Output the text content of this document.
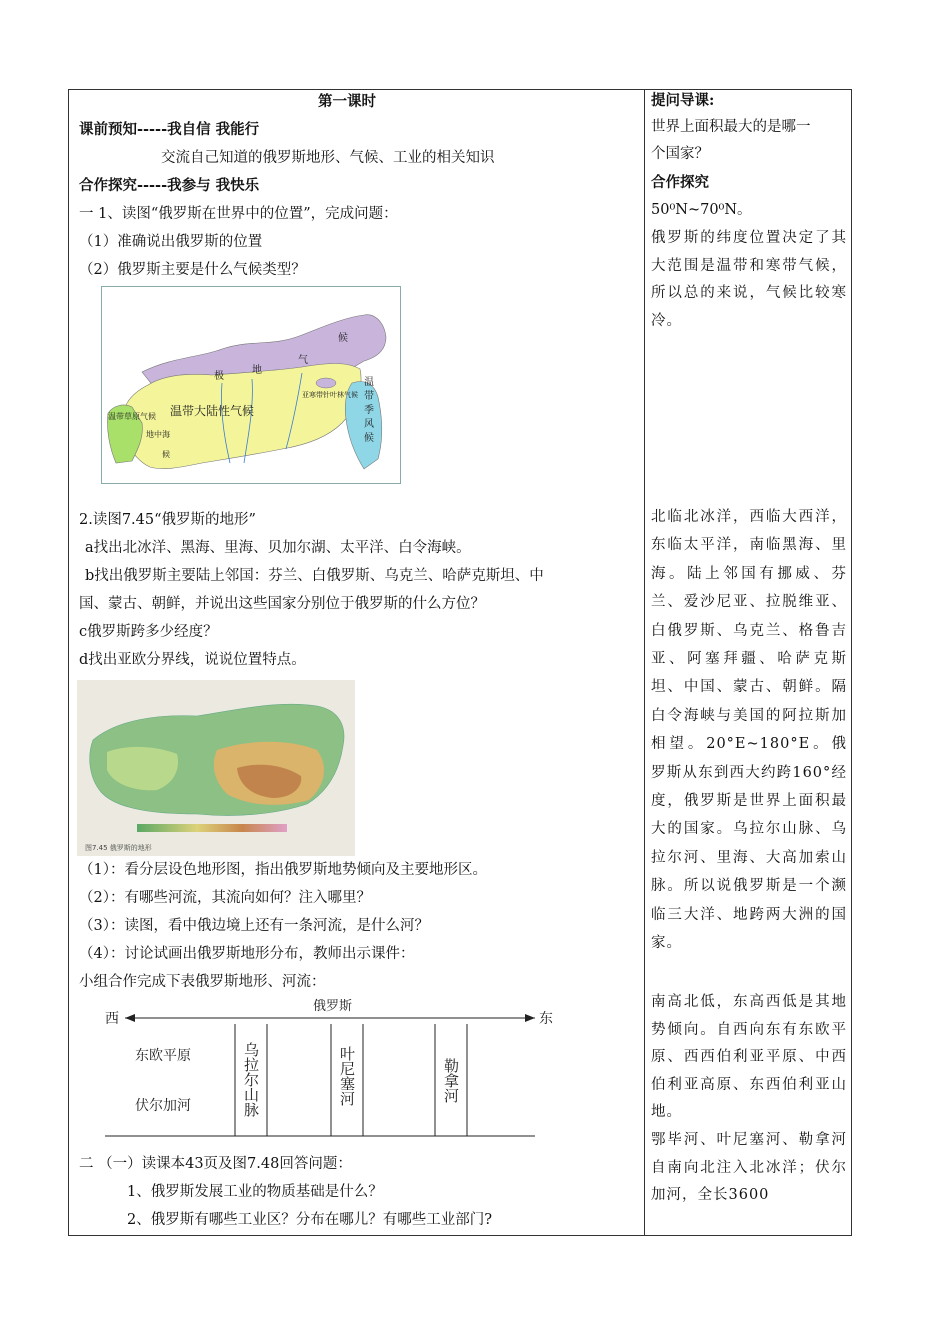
第一课时
课前预知-----我自信 我能行
交流自己知道的俄罗斯地形、气候、工业的相关知识
合作探究-----我参与 我快乐
一 1、读图“俄罗斯在世界中的位置”，完成问题：
（1）准确说出俄罗斯的位置
（2）俄罗斯主要是什么气候类型？
温带大陆性气候
温带草原气候
亚寒带针叶林气候
极
地
气
候
温
带
季
风
候
地中海
候
2.读图7.45“俄罗斯的地形”
a找出北冰洋、黑海、里海、贝加尔湖、太平洋、白令海峡。
b找出俄罗斯主要陆上邻国：芬兰、白俄罗斯、乌克兰、哈萨克斯坦、中
国、蒙古、朝鲜，并说出这些国家分别位于俄罗斯的什么方位？
c俄罗斯跨多少经度？
d找出亚欧分界线，说说位置特点。
图7.45 俄罗斯的地形
（1）：看分层设色地形图，指出俄罗斯地势倾向及主要地形区。
（2）：有哪些河流，其流向如何？注入哪里？
（3）：读图，看中俄边境上还有一条河流，是什么河？
（4）：讨论试画出俄罗斯地形分布，教师出示课件：
小组合作完成下表俄罗斯地形、河流：
西	东
俄罗斯
东欧平原
伏尔加河	乌拉尔山脉	叶尼塞河	勒拿河
二 （一）读课本43页及图7.48回答问题：
1、俄罗斯发展工业的物质基础是什么？
2、俄罗斯有哪些工业区？分布在哪儿？有哪些工业部门?
提问导课:
世界上面积最大的是哪一
个国家？
合作探究
50⁰N~70⁰N。
俄罗斯的纬度位置决定了其大范围是温带和寒带气候，所以总的来说，气候比较寒冷。
北临北冰洋，西临大西洋，东临太平洋，南临黑海、里海。陆上邻国有挪威、芬兰、爱沙尼亚、拉脱维亚、白俄罗斯、乌克兰、格鲁吉亚、阿塞拜疆、哈萨克斯坦、中国、蒙古、朝鲜。隔白令海峡与美国的阿拉斯加相望。20°E~180°E。俄罗斯从东到西大约跨160°经度，俄罗斯是世界上面积最大的国家。乌拉尔山脉、乌拉尔河、里海、大高加索山脉。所以说俄罗斯是一个濒临三大洋、地跨两大洲的国家。
南高北低，东高西低是其地势倾向。自西向东有东欧平原、西西伯利亚平原、中西伯利亚高原、东西伯利亚山地。
鄂毕河、叶尼塞河、勒拿河自南向北注入北冰洋；伏尔加河，全长3600
